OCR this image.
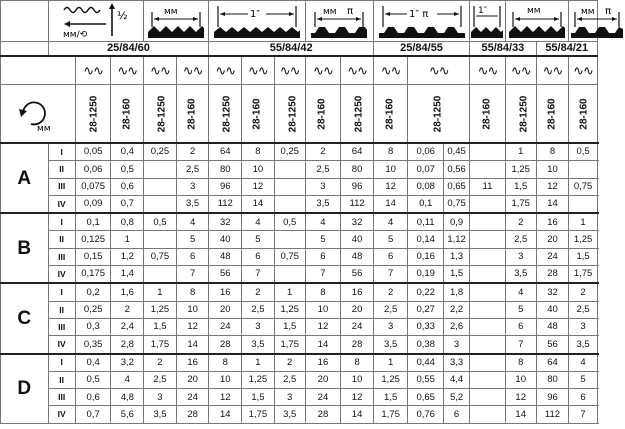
½
мм/⟲			мм		1″			мм π		1″ π			1″	мм		мм π	

	25/84/60					55/84/42					25/84/55			55/84/33		55/84/21		
		∿∿	∿∿	∿∿	∿∿	∿∿	∿∿	∿∿	∿∿	∿∿	∿∿	∿∿		∿∿	∿∿	∿∿	∿∿	

мм		28-1250	28-160	28-1250	28-160	28-1250	28-160	28-1250	28-160	28-1250	28-160	28-1250		28-160	28-1250	28-160	28-160	
A	I	0,05	0,4	0,25	2	64	8	0,25	2	64	8	0,06	0,45		1	8	0,5	
	II	0,06	0,5		2,5	80	10		2,5	80	10	0,07	0,56		1,25	10		
	III	0,075	0,6		3	96	12		3	96	12	0,08	0,65	11	1,5	12	0,75	
	IV	0,09	0,7		3,5	112	14		3,5	112	14	0,1	0,75		1,75	14		
B	I	0,1	0,8	0,5	4	32	4	0,5	4	32	4	0,11	0,9		2	16	1	
	II	0,125	1		5	40	5		5	40	5	0,14	1,12		2,5	20	1,25	
	III	0,15	1,2	0,75	6	48	6	0,75	6	48	6	0,16	1,3		3	24	1,5	
	IV	0,175	1,4		7	56	7		7	56	7	0,19	1,5		3,5	28	1,75	
C	I	0,2	1,6	1	8	16	2	1	8	16	2	0,22	1,8		4	32	2	
	II	0,25	2	1,25	10	20	2,5	1,25	10	20	2,5	0,27	2,2		5	40	2,5	
	III	0,3	2,4	1,5	12	24	3	1,5	12	24	3	0,33	2,6		6	48	3	
	IV	0,35	2,8	1,75	14	28	3,5	1,75	14	28	3,5	0,38	3		7	56	3,5	
D	I	0,4	3,2	2	16	8	1	2	16	8	1	0,44	3,3		8	64	4	
	II	0,5	4	2,5	20	10	1,25	2,5	20	10	1,25	0,55	4,4		10	80	5	
	III	0,6	4,8	3	24	12	1,5	3	24	12	1,5	0,65	5,2		12	96	6	
	IV	0,7	5,6	3,5	28	14	1,75	3,5	28	14	1,75	0,76	6		14	112	7	
